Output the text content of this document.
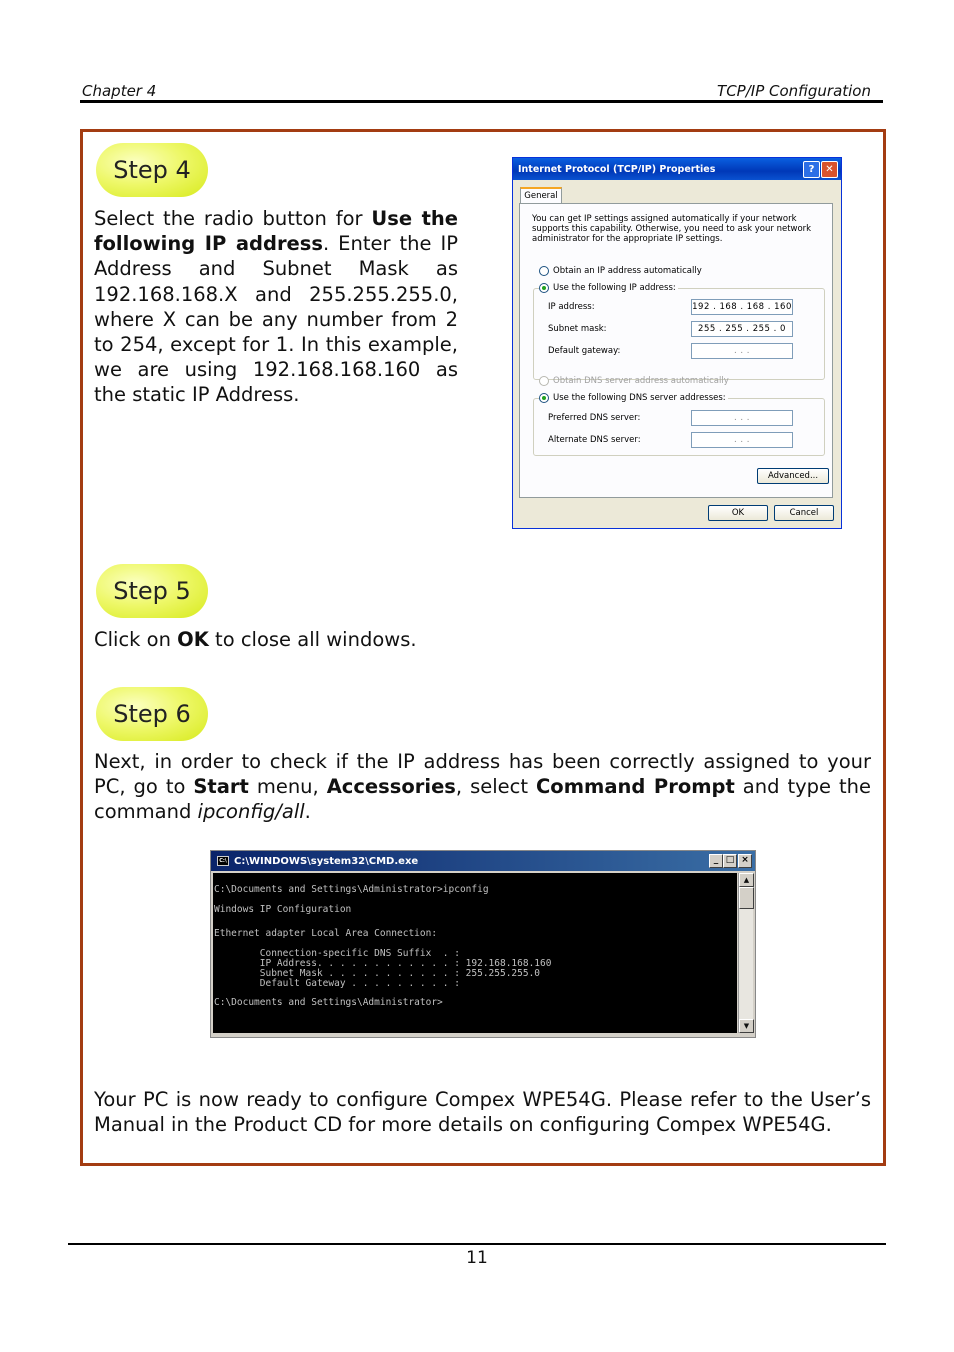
Chapter 4	TCP/IP Configuration
Step 4
Select the radio button for Use the following IP address. Enter the IP Address and Subnet Mask as 192.168.168.X and 255.255.255.0, where X can be any number from 2 to 254, except for 1. In this example, we are using 192.168.168.160 as the static IP Address.
Internet Protocol (TCP/IP) Properties	?	✕
General
You can get IP settings assigned automatically if your network supports this capability. Otherwise, you need to ask your network administrator for the appropriate IP settings.
Obtain an IP address automatically
Use the following IP address:
IP address:	192 . 168 . 168 . 160
Subnet mask:	255 . 255 . 255 . 0
Default gateway:	. . .
Obtain DNS server address automatically
Use the following DNS server addresses:
Preferred DNS server:	. . .
Alternate DNS server:	. . .
Advanced...
OK	Cancel
Step 5
Click on OK to close all windows.
Step 6
Next, in order to check if the IP address has been correctly assigned to your PC, go to Start menu, Accessories, select Command Prompt and type the command ipconfig/all.
C:\ C:\WINDOWS\system32\CMD.exe	_ □ ×
C:\Documents and Settings\Administrator>ipconfig
Windows IP Configuration
Ethernet adapter Local Area Connection:
Connection-specific DNS Suffix  . :
IP Address. . . . . . . . . . . . : 192.168.168.160
Subnet Mask . . . . . . . . . . . : 255.255.255.0
Default Gateway . . . . . . . . . :
C:\Documents and Settings\Administrator>
▲
▼
Your PC is now ready to configure Compex WPE54G. Please refer to the User’s Manual in the Product CD for more details on configuring Compex WPE54G.
11
